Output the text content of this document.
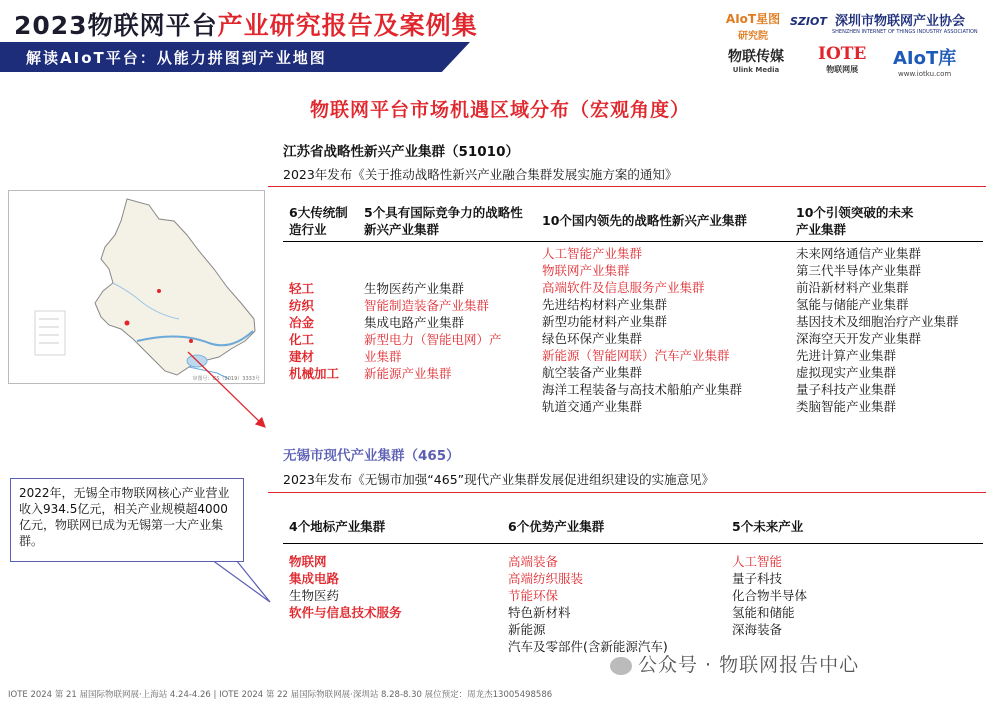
2023物联网平台产业研究报告及案例集
解读AIoT平台：从能力拼图到产业地图
AIoT星图
研究院
SZIOT 深圳市物联网产业协会
SHENZHEN INTERNET OF THINGS INDUSTRY ASSOCIATION
物联传媒
Ulink Media
IOTE
物联网展
AIoT库
www.iotku.com
物联网平台市场机遇区域分布（宏观角度）
江苏省战略性新兴产业集群（51010）
2023年发布《关于推动战略性新兴产业融合集群发展实施方案的通知》
审图号：GS（2019）3333号
6大传统制造行业
5个具有国际竞争力的战略性新兴产业集群
10个国内领先的战略性新兴产业集群
10个引领突破的未来产业集群
轻工
纺织
冶金
化工
建材
机械加工
生物医药产业集群
智能制造装备产业集群
集成电路产业集群
新型电力（智能电网）产
业集群
新能源产业集群
人工智能产业集群
物联网产业集群
高端软件及信息服务产业集群
先进结构材料产业集群
新型功能材料产业集群
绿色环保产业集群
新能源（智能网联）汽车产业集群
航空装备产业集群
海洋工程装备与高技术船舶产业集群
轨道交通产业集群
未来网络通信产业集群
第三代半导体产业集群
前沿新材料产业集群
氢能与储能产业集群
基因技术及细胞治疗产业集群
深海空天开发产业集群
先进计算产业集群
虚拟现实产业集群
量子科技产业集群
类脑智能产业集群
无锡市现代产业集群（465）
2023年发布《无锡市加强“465”现代产业集群发展促进组织建设的实施意见》
4个地标产业集群	6个优势产业集群	5个未来产业
物联网
集成电路
生物医药
软件与信息技术服务
高端装备
高端纺织服装
节能环保
特色新材料
新能源
汽车及零部件(含新能源汽车)
人工智能
量子科技
化合物半导体
氢能和储能
深海装备
2022年，无锡全市物联网核心产业营业收入934.5亿元，相关产业规模超4000亿元，物联网已成为无锡第一大产业集群。
公众号 · 物联网报告中心
IOTE 2024 第 21 届国际物联网展·上海站 4.24-4.26 | IOTE 2024 第 22 届国际物联网展·深圳站 8.28-8.30 展位预定：周龙杰13005498586
